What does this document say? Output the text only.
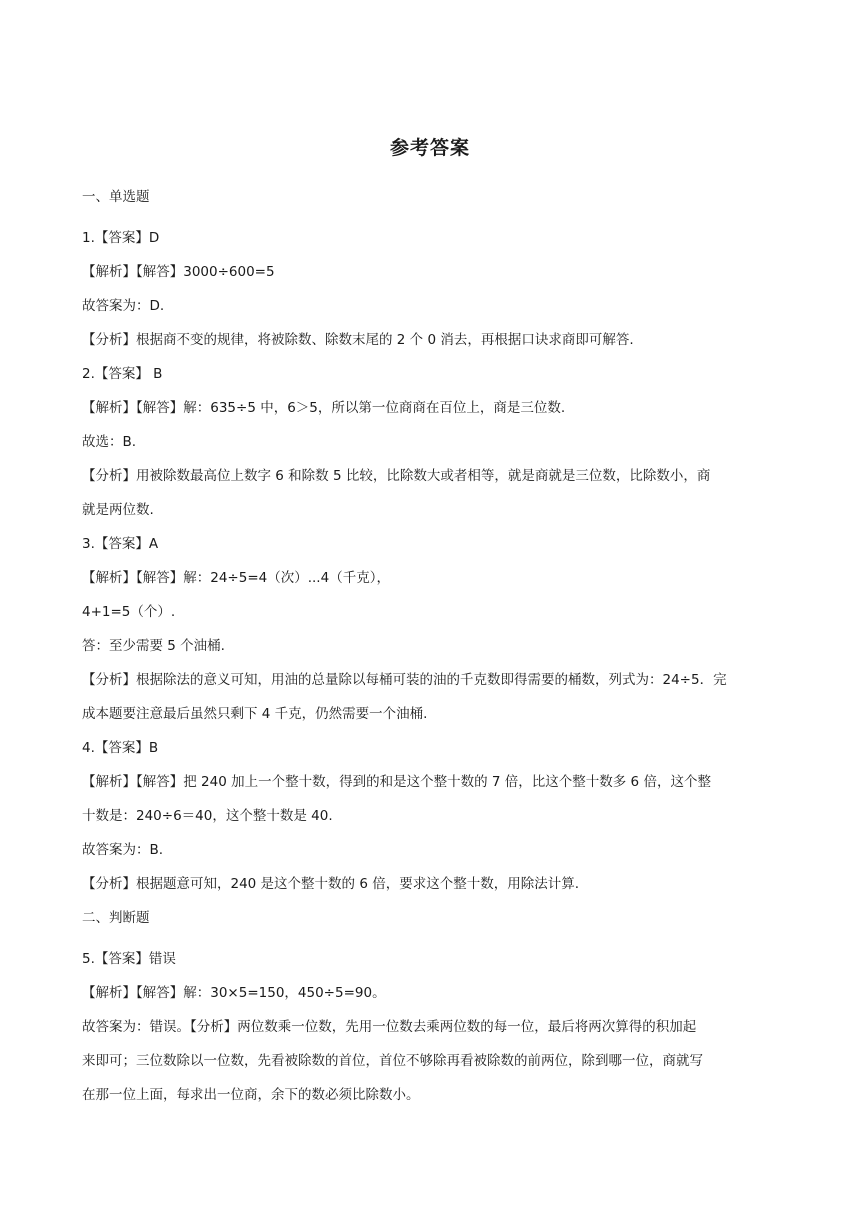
参考答案
一、单选题
1.【答案】D
【解析】【解答】3000÷600=5
故答案为：D.
【分析】根据商不变的规律，将被除数、除数末尾的 2 个 0 消去，再根据口诀求商即可解答.
2.【答案】 B
【解析】【解答】解：635÷5 中，6＞5，所以第一位商商在百位上，商是三位数.
故选：B.
【分析】用被除数最高位上数字 6 和除数 5 比较，比除数大或者相等，就是商就是三位数，比除数小，商
就是两位数.
3.【答案】A
【解析】【解答】解：24÷5=4（次）...4（千克），
4+1=5（个）.
答：至少需要 5 个油桶.
【分析】根据除法的意义可知，用油的总量除以每桶可装的油的千克数即得需要的桶数，列式为：24÷5．完
成本题要注意最后虽然只剩下 4 千克，仍然需要一个油桶.
4.【答案】B
【解析】【解答】把 240 加上一个整十数，得到的和是这个整十数的 7 倍，比这个整十数多 6 倍，这个整
十数是：240÷6＝40，这个整十数是 40.
故答案为：B.
【分析】根据题意可知，240 是这个整十数的 6 倍，要求这个整十数，用除法计算.
二、判断题
5.【答案】错误
【解析】【解答】解：30×5=150，450÷5=90。
故答案为：错误。【分析】两位数乘一位数，先用一位数去乘两位数的每一位，最后将两次算得的积加起
来即可；三位数除以一位数，先看被除数的首位，首位不够除再看被除数的前两位，除到哪一位，商就写
在那一位上面，每求出一位商，余下的数必须比除数小。
